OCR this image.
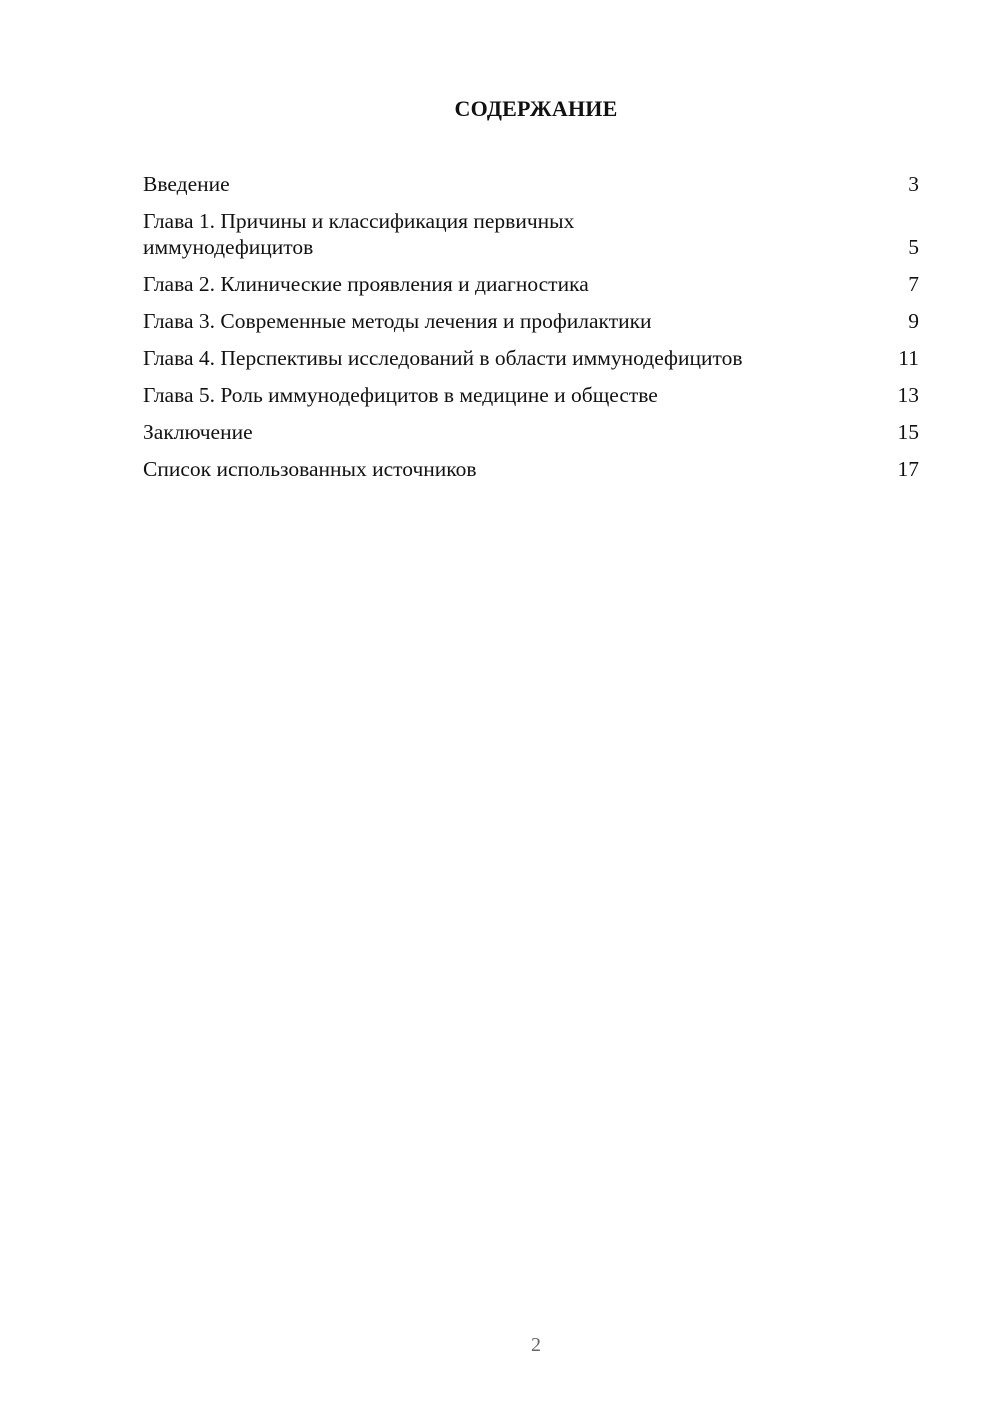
СОДЕРЖАНИЕ
Введение	3
Глава 1. Причины и классификация первичных иммунодефицитов	5
Глава 2. Клинические проявления и диагностика	7
Глава 3. Современные методы лечения и профилактики	9
Глава 4. Перспективы исследований в области иммунодефицитов	11
Глава 5. Роль иммунодефицитов в медицине и обществе	13
Заключение	15
Список использованных источников	17
2
